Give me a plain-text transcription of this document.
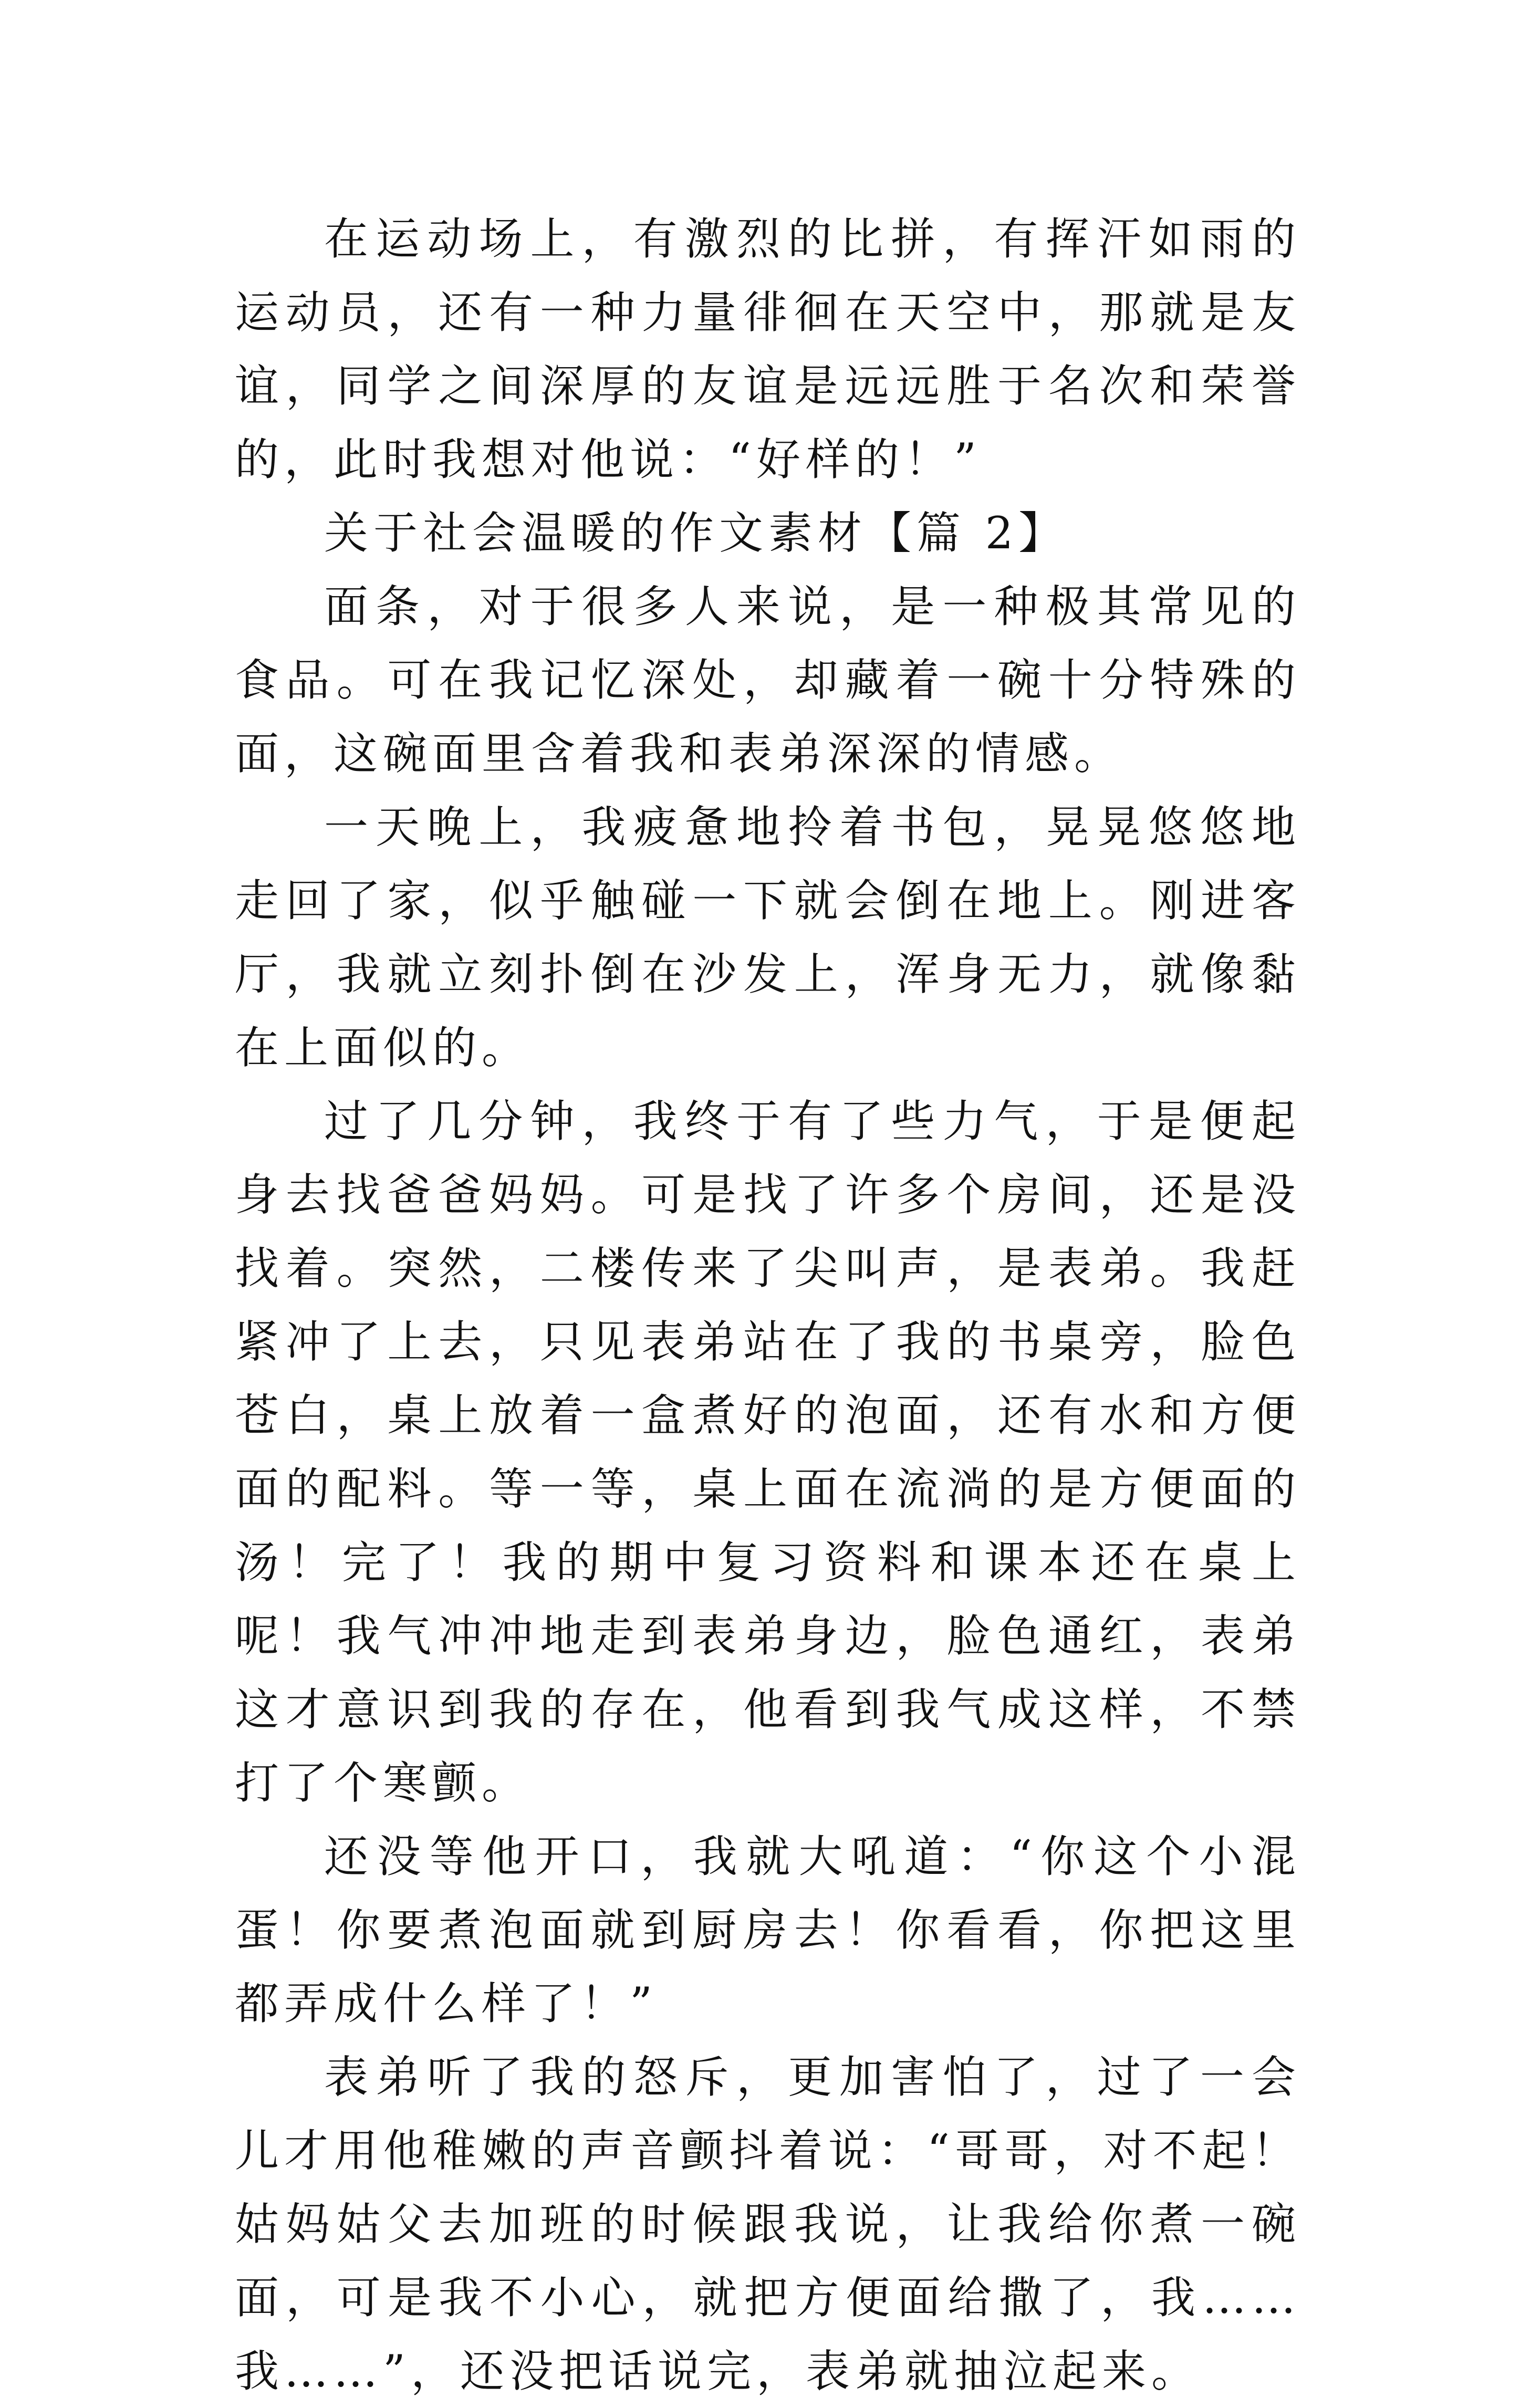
在运动场上，有激烈的比拼，有挥汗如雨的运动员，还有一种力量徘徊在天空中，那就是友谊，同学之间深厚的友谊是远远胜于名次和荣誉的，此时我想对他说：“好样的！”

关于社会温暖的作文素材【篇 2】

面条，对于很多人来说，是一种极其常见的食品。可在我记忆深处，却藏着一碗十分特殊的面，这碗面里含着我和表弟深深的情感。

一天晚上，我疲惫地拎着书包，晃晃悠悠地走回了家，似乎触碰一下就会倒在地上。刚进客厅，我就立刻扑倒在沙发上，浑身无力，就像黏在上面似的。

过了几分钟，我终于有了些力气，于是便起身去找爸爸妈妈。可是找了许多个房间，还是没找着。突然，二楼传来了尖叫声，是表弟。我赶紧冲了上去，只见表弟站在了我的书桌旁，脸色苍白，桌上放着一盒煮好的泡面，还有水和方便面的配料。等一等，桌上面在流淌的是方便面的汤！完了！我的期中复习资料和课本还在桌上呢！我气冲冲地走到表弟身边，脸色通红，表弟这才意识到我的存在，他看到我气成这样，不禁打了个寒颤。

还没等他开口，我就大吼道：“你这个小混蛋！你要煮泡面就到厨房去！你看看，你把这里都弄成什么样了！”

表弟听了我的怒斥，更加害怕了，过了一会儿才用他稚嫩的声音颤抖着说：“哥哥，对不起！姑妈姑父去加班的时候跟我说，让我给你煮一碗面，可是我不小心，就把方便面给撒了，我……我……”，还没把话说完，表弟就抽泣起来。
